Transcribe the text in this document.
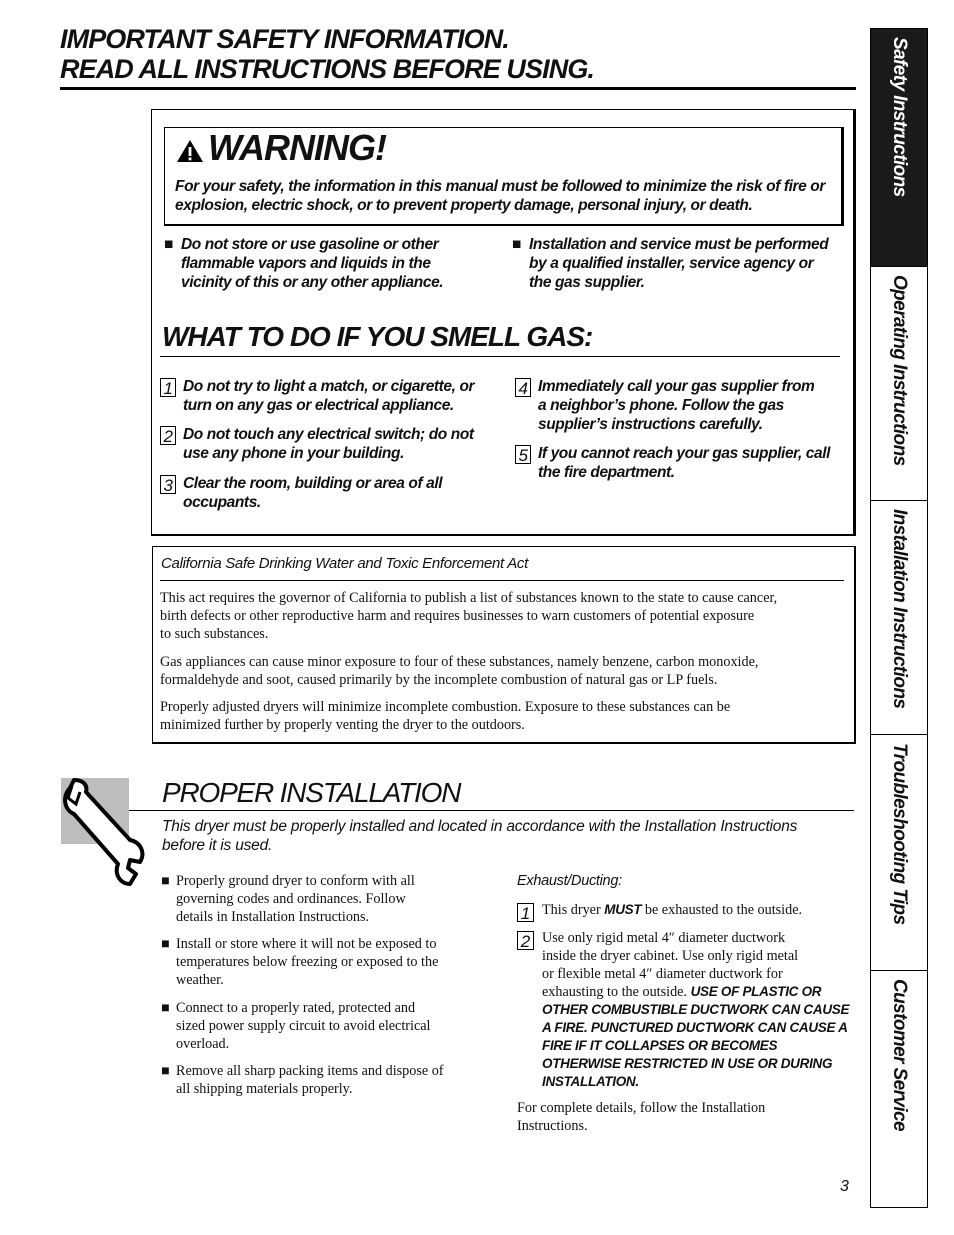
IMPORTANT SAFETY INFORMATION.
READ ALL INSTRUCTIONS BEFORE USING.	Safety Instructions
Operating Instructions
Installation Instructions
Troubleshooting Tips
Customer Service
WARNING!
For your safety, the information in this manual must be followed to minimize the risk of fire or explosion, electric shock, or to prevent property damage, personal injury, or death.
■ Do not store or use gasoline or other
flammable vapors and liquids in the
vicinity of this or any other appliance.
■ Installation and service must be performed
by a qualified installer, service agency or
the gas supplier.
WHAT TO DO IF YOU SMELL GAS:
1 Do not try to light a match, or cigarette, or
turn on any gas or electrical appliance.
2 Do not touch any electrical switch; do not
use any phone in your building.
3 Clear the room, building or area of all
occupants.
4 Immediately call your gas supplier from
a neighbor’s phone. Follow the gas
supplier’s instructions carefully.
5 If you cannot reach your gas supplier, call
the fire department.
California Safe Drinking Water and Toxic Enforcement Act
This act requires the governor of California to publish a list of substances known to the state to cause cancer,
birth defects or other reproductive harm and requires businesses to warn customers of potential exposure
to such substances.
Gas appliances can cause minor exposure to four of these substances, namely benzene, carbon monoxide,
formaldehyde and soot, caused primarily by the incomplete combustion of natural gas or LP fuels.
Properly adjusted dryers will minimize incomplete combustion. Exposure to these substances can be
minimized further by properly venting the dryer to the outdoors.
PROPER INSTALLATION
This dryer must be properly installed and located in accordance with the Installation Instructions
before it is used.
■ Properly ground dryer to conform with all
governing codes and ordinances. Follow
details in Installation Instructions.
■ Install or store where it will not be exposed to
temperatures below freezing or exposed to the
weather.
■ Connect to a properly rated, protected and
sized power supply circuit to avoid electrical
overload.
■ Remove all sharp packing items and dispose of
all shipping materials properly.
Exhaust/Ducting:
1 This dryer MUST be exhausted to the outside.
2 Use only rigid metal 4″ diameter ductwork
inside the dryer cabinet. Use only rigid metal
or flexible metal 4″ diameter ductwork for
exhausting to the outside. USE OF PLASTIC OR
OTHER COMBUSTIBLE DUCTWORK CAN CAUSE
A FIRE. PUNCTURED DUCTWORK CAN CAUSE A
FIRE IF IT COLLAPSES OR BECOMES
OTHERWISE RESTRICTED IN USE OR DURING
INSTALLATION.
For complete details, follow the Installation
Instructions.
3
